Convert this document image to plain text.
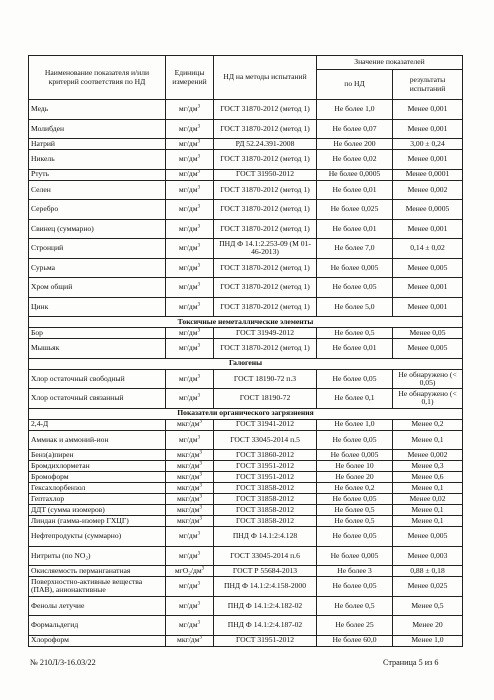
Наименование показателя и/или критерий соответствия по НД	Единицы измерений	НД на методы испытаний	Значение показателей	
			по НД	результаты испытаний
Медь	$мг/дм^3$	ГОСТ 31870-2012 (метод 1)	Не более 1,0	Менее 0,001
Молибден	$мг/дм^3$	ГОСТ 31870-2012 (метод 1)	Не более 0,07	Менее 0,001
Натрий	$мг/дм^3$	РД 52.24.391-2008	Не более 200	3,00 ± 0,24
Никель	$мг/дм^3$	ГОСТ 31870-2012 (метод 1)	Не более 0,02	Менее 0,001
Ртуть	$мг/дм^3$	ГОСТ 31950-2012	Не более 0,0005	Менее 0,0001
Селен	$мг/дм^3$	ГОСТ 31870-2012 (метод 1)	Не более 0,01	Менее 0,002
Серебро	$мг/дм^3$	ГОСТ 31870-2012 (метод 1)	Не более 0,025	Менее 0,0005
Свинец (суммарно)	$мг/дм^3$	ГОСТ 31870-2012 (метод 1)	Не более 0,01	Менее 0,001
Стронций	$мг/дм^3$	ПНД Ф 14.1:2.253-09 (М 01-46-2013)	Не более 7,0	0,14 ± 0,02
Сурьма	$мг/дм^3$	ГОСТ 31870-2012 (метод 1)	Не более 0,005	Менее 0,005
Хром общий	$мг/дм^3$	ГОСТ 31870-2012 (метод 1)	Не более 0,05	Менее 0,001
Цинк	$мг/дм^3$	ГОСТ 31870-2012 (метод 1)	Не более 5,0	Менее 0,001
Токсичные неметаллические элементы				
Бор	$мг/дм^3$	ГОСТ 31949-2012	Не более 0,5	Менее 0,05
Мышьяк	$мг/дм^3$	ГОСТ 31870-2012 (метод 1)	Не более 0,01	Менее 0,005
Галогены				
Хлор остаточный свободный	$мг/дм^3$	ГОСТ 18190-72 п.3	Не более 0,05	Не обнаружено (< 0,05)
Хлор остаточный связанный	$мг/дм^3$	ГОСТ 18190-72	Не более 0,1	Не обнаружено (< 0,1)
Показатели органического загрязнения				
2,4-Д	мкг/$дм^3$	ГОСТ 31941-2012	Не более 1,0	Менее 0,2
Аммиак и аммоний-ион	$мг/дм^3$	ГОСТ 33045-2014 п.5	Не более 0,05	Менее 0,1
Бенз(а)пирен	мкг/$дм^3$	ГОСТ 31860-2012	Не более 0,005	Менее 0,002
Бромдихлорметан	мкг/$дм^3$	ГОСТ 31951-2012	Не более 10	Менее 0,3
Бромоформ	мкг/$дм^3$	ГОСТ 31951-2012	Не более 20	Менее 0,6
Гексахлорбензол	мкг/$дм^3$	ГОСТ 31858-2012	Не более 0,2	Менее 0,1
Гептахлор	мкг/$дм^3$	ГОСТ 31858-2012	Не более 0,05	Менее 0,02
ДДТ (сумма изомеров)	мкг/$дм^3$	ГОСТ 31858-2012	Не более 0,5	Менее 0,1
Линдан (гамма-изомер ГХЦГ)	мкг/$дм^3$	ГОСТ 31858-2012	Не более 0,5	Менее 0,1
Нефтепродукты (суммарно)	$мг/дм^3$	ПНД Ф 14.1:2:4.128	Не более 0,05	Менее 0,005
Нитриты (по NO₂)	$мг/дм^3$	ГОСТ 33045-2014 п.6	Не более 0,005	Менее 0,003
Окисляемость перманганатная	мгO₂/$дм^3$	ГОСТ Р 55684-2013	Не более 3	0,88 ± 0,18
Поверхностно-активные вещества (ПАВ), анионактивные	$мг/дм^3$	ПНД Ф 14.1:2:4.158-2000	Не более 0,05	Менее 0,025
Фенолы летучие	$мг/дм^3$	ПНД Ф 14.1:2:4.182-02	Не более 0,5	Менее 0,5
Формальдегид	$мг/дм^3$	ПНД Ф 14.1:2:4.187-02	Не более 25	Менее 20
Хлороформ	мкг/$дм^3$	ГОСТ 31951-2012	Не более 60,0	Менее 1,0
№ 210Л/3-16.03/22	Страница 5 из 6
